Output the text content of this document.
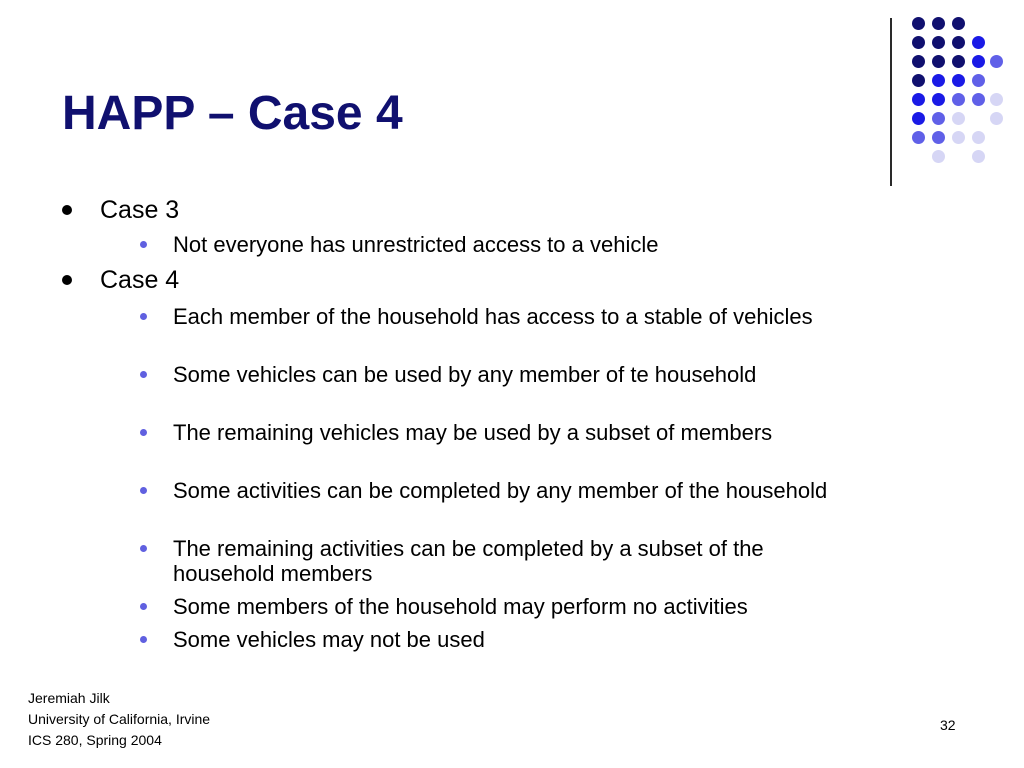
HAPP – Case 4
Case 3
Not everyone has unrestricted access to a vehicle
Case 4
Each member of the household has access to a stable of vehicles
Some vehicles can be used by any member of te household
The remaining vehicles may be used by a subset of members
Some activities can be completed by any member of the household
The remaining activities can be completed by a subset of the household members
Some members of the household may perform no activities
Some vehicles may not be used
Jeremiah Jilk
University of California, Irvine
ICS 280, Spring 2004
32
